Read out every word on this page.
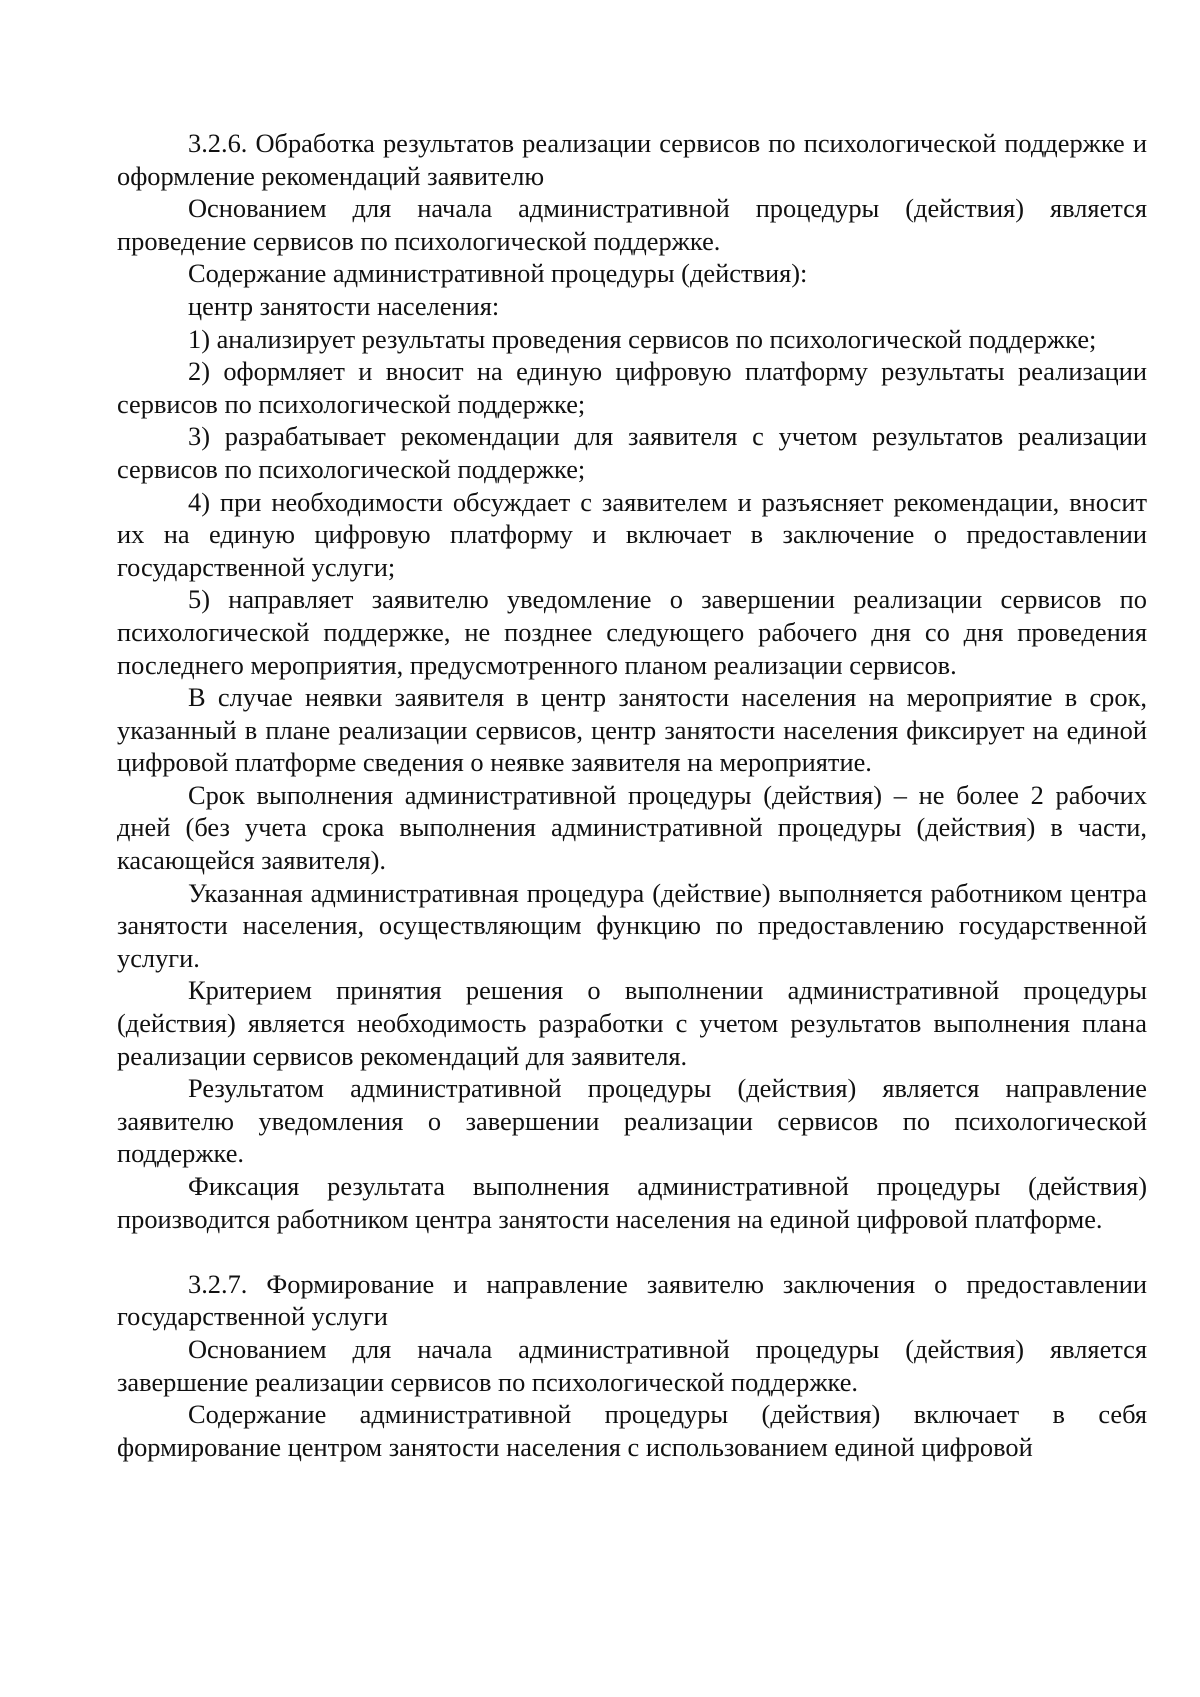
3.2.6. Обработка результатов реализации сервисов по психологической поддержке и оформление рекомендаций заявителю

Основанием для начала административной процедуры (действия) является проведение сервисов по психологической поддержке.

Содержание административной процедуры (действия):

центр занятости населения:

1) анализирует результаты проведения сервисов по психологической поддержке;

2) оформляет и вносит на единую цифровую платформу результаты реализации сервисов по психологической поддержке;

3) разрабатывает рекомендации для заявителя с учетом результатов реализации сервисов по психологической поддержке;

4) при необходимости обсуждает с заявителем и разъясняет рекомендации, вносит их на единую цифровую платформу и включает в заключение о предоставлении государственной услуги;

5) направляет заявителю уведомление о завершении реализации сервисов по психологической поддержке, не позднее следующего рабочего дня со дня проведения последнего мероприятия, предусмотренного планом реализации сервисов.

В случае неявки заявителя в центр занятости населения на мероприятие в срок, указанный в плане реализации сервисов, центр занятости населения фиксирует на единой цифровой платформе сведения о неявке заявителя на мероприятие.

Срок выполнения административной процедуры (действия) – не более 2 рабочих дней (без учета срока выполнения административной процедуры (действия) в части, касающейся заявителя).

Указанная административная процедура (действие) выполняется работником центра занятости населения, осуществляющим функцию по предоставлению государственной услуги.

Критерием принятия решения о выполнении административной процедуры (действия) является необходимость разработки с учетом результатов выполнения плана реализации сервисов рекомендаций для заявителя.

Результатом административной процедуры (действия) является направление заявителю уведомления о завершении реализации сервисов по психологической поддержке.

Фиксация результата выполнения административной процедуры (действия) производится работником центра занятости населения на единой цифровой платформе.

3.2.7. Формирование и направление заявителю заключения о предоставлении государственной услуги

Основанием для начала административной процедуры (действия) является завершение реализации сервисов по психологической поддержке.

Содержание административной процедуры (действия) включает в себя формирование центром занятости населения с использованием единой цифровой
